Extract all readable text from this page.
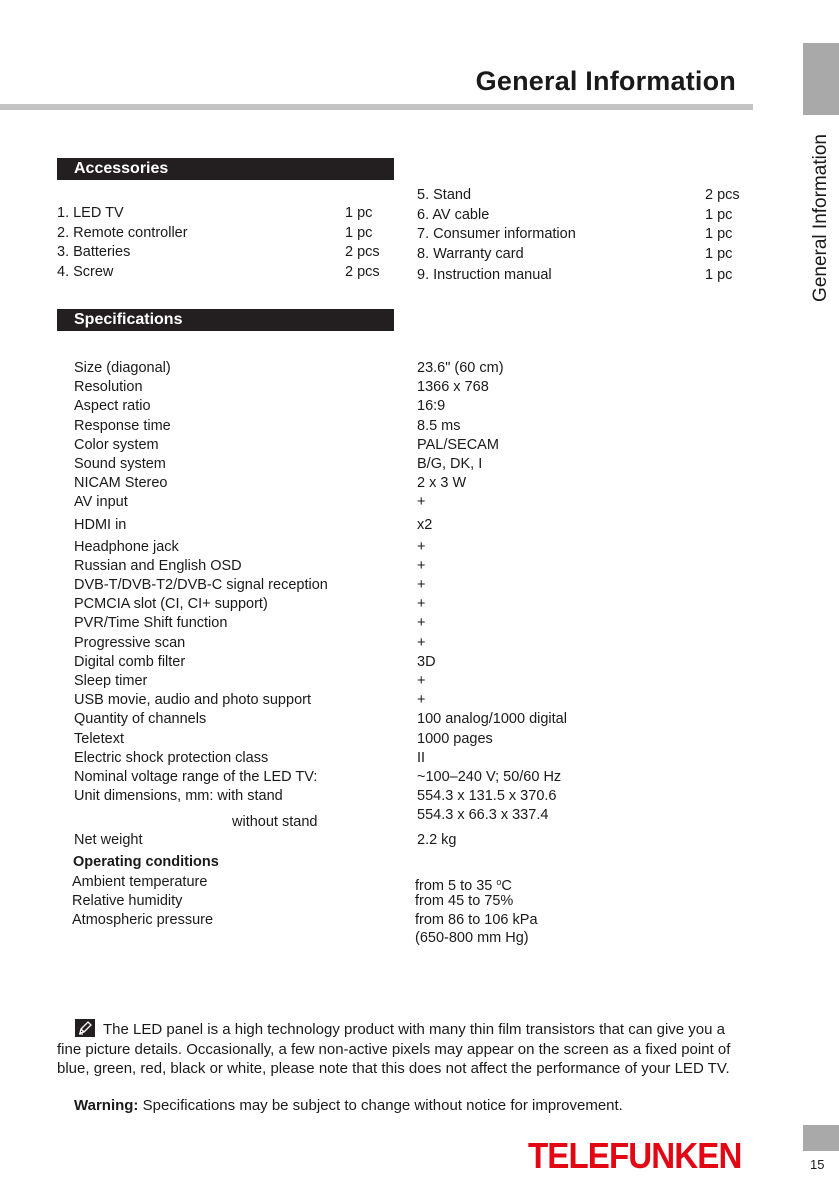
General Information
General Information
Accessories
1. LED TV	1 pc
2. Remote controller	1 pc
3. Batteries	2 pcs
4. Screw	2 pcs
5. Stand	2 pcs
6. AV cable	1 pc
7. Consumer information	1 pc
8. Warranty card	1 pc
9. Instruction manual	1 pc
Specifications
Size (diagonal)	23.6" (60 cm)
Resolution	1366 x 768
Aspect ratio	16:9
Response time	8.5 ms
Color system	PAL/SECAM
Sound system	B/G, DK, I
NICAM Stereo	2 x 3 W
AV input	+
HDMI in	x2
Headphone jack	+
Russian and English OSD	+
DVB-T/DVB-T2/DVB-C signal reception	+
PCMCIA slot (CI, CI+ support)	+
PVR/Time Shift function	+
Progressive scan	+
Digital comb filter	3D
Sleep timer	+
USB movie, audio and photo support	+
Quantity of channels	100 analog/1000 digital
Teletext	1000 pages
Electric shock protection class	II
Nominal voltage range of the LED TV:	~100–240 V; 50/60 Hz
Unit dimensions, mm: with stand	554.3 x 131.5 x 370.6
without stand	554.3 x 66.3 x 337.4
Net weight	2.2 kg
Operating conditions
Ambient temperature	from 5 to 35 $^o$C
Relative humidity	from 45 to 75%
Atmospheric pressure	from 86 to 106 kPa
(650-800 mm Hg)

The LED panel is a high technology product with many thin film transistors that can give you a fine picture details. Occasionally, a few non-active pixels may appear on the screen as a fixed point of blue, green, red, black or white, please note that this does not affect the performance of your LED TV.

Warning: Specifications may be subject to change without notice for improvement.
TELEFUNKEN	15
